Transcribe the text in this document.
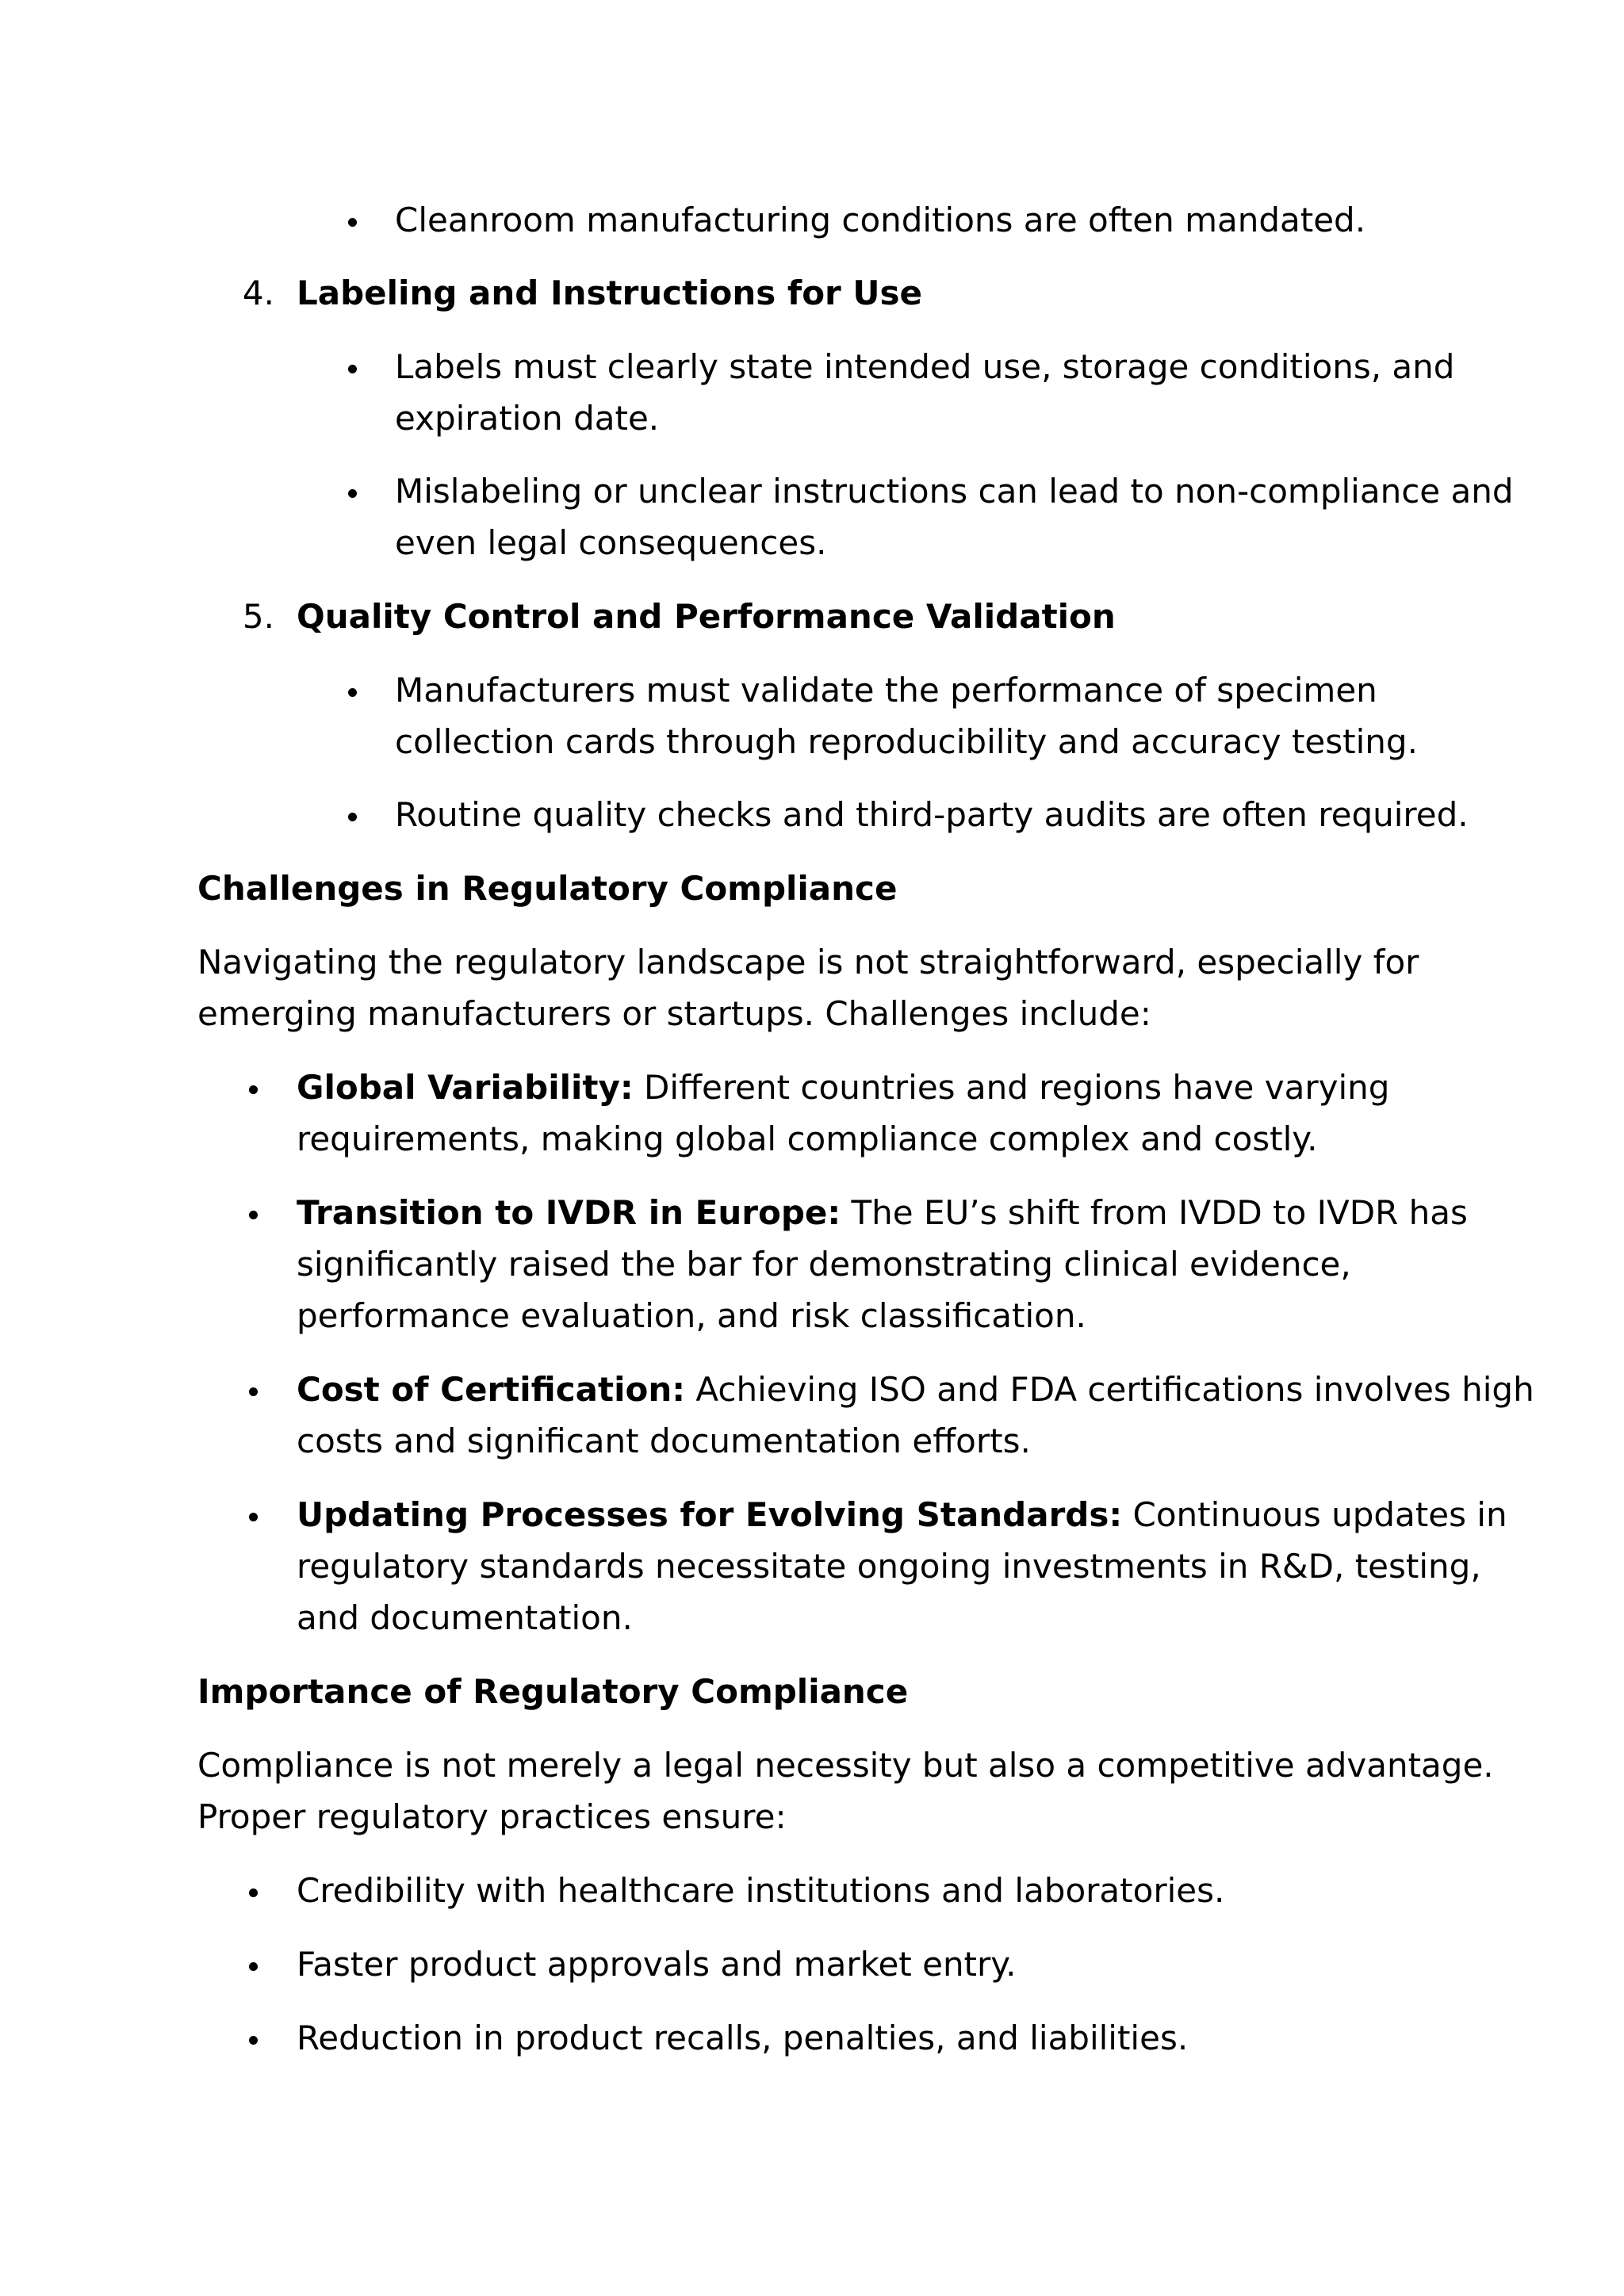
Cleanroom manufacturing conditions are often mandated.
4. Labeling and Instructions for Use
Labels must clearly state intended use, storage conditions, and
expiration date.
Mislabeling or unclear instructions can lead to non-compliance and
even legal consequences.
5. Quality Control and Performance Validation
Manufacturers must validate the performance of specimen
collection cards through reproducibility and accuracy testing.
Routine quality checks and third-party audits are often required.
Challenges in Regulatory Compliance
Navigating the regulatory landscape is not straightforward, especially for
emerging manufacturers or startups. Challenges include:
Global Variability: Different countries and regions have varying
requirements, making global compliance complex and costly.
Transition to IVDR in Europe: The EU’s shift from IVDD to IVDR has
significantly raised the bar for demonstrating clinical evidence,
performance evaluation, and risk classification.
Cost of Certification: Achieving ISO and FDA certifications involves high
costs and significant documentation efforts.
Updating Processes for Evolving Standards: Continuous updates in
regulatory standards necessitate ongoing investments in R&D, testing,
and documentation.
Importance of Regulatory Compliance
Compliance is not merely a legal necessity but also a competitive advantage.
Proper regulatory practices ensure:
Credibility with healthcare institutions and laboratories.
Faster product approvals and market entry.
Reduction in product recalls, penalties, and liabilities.
